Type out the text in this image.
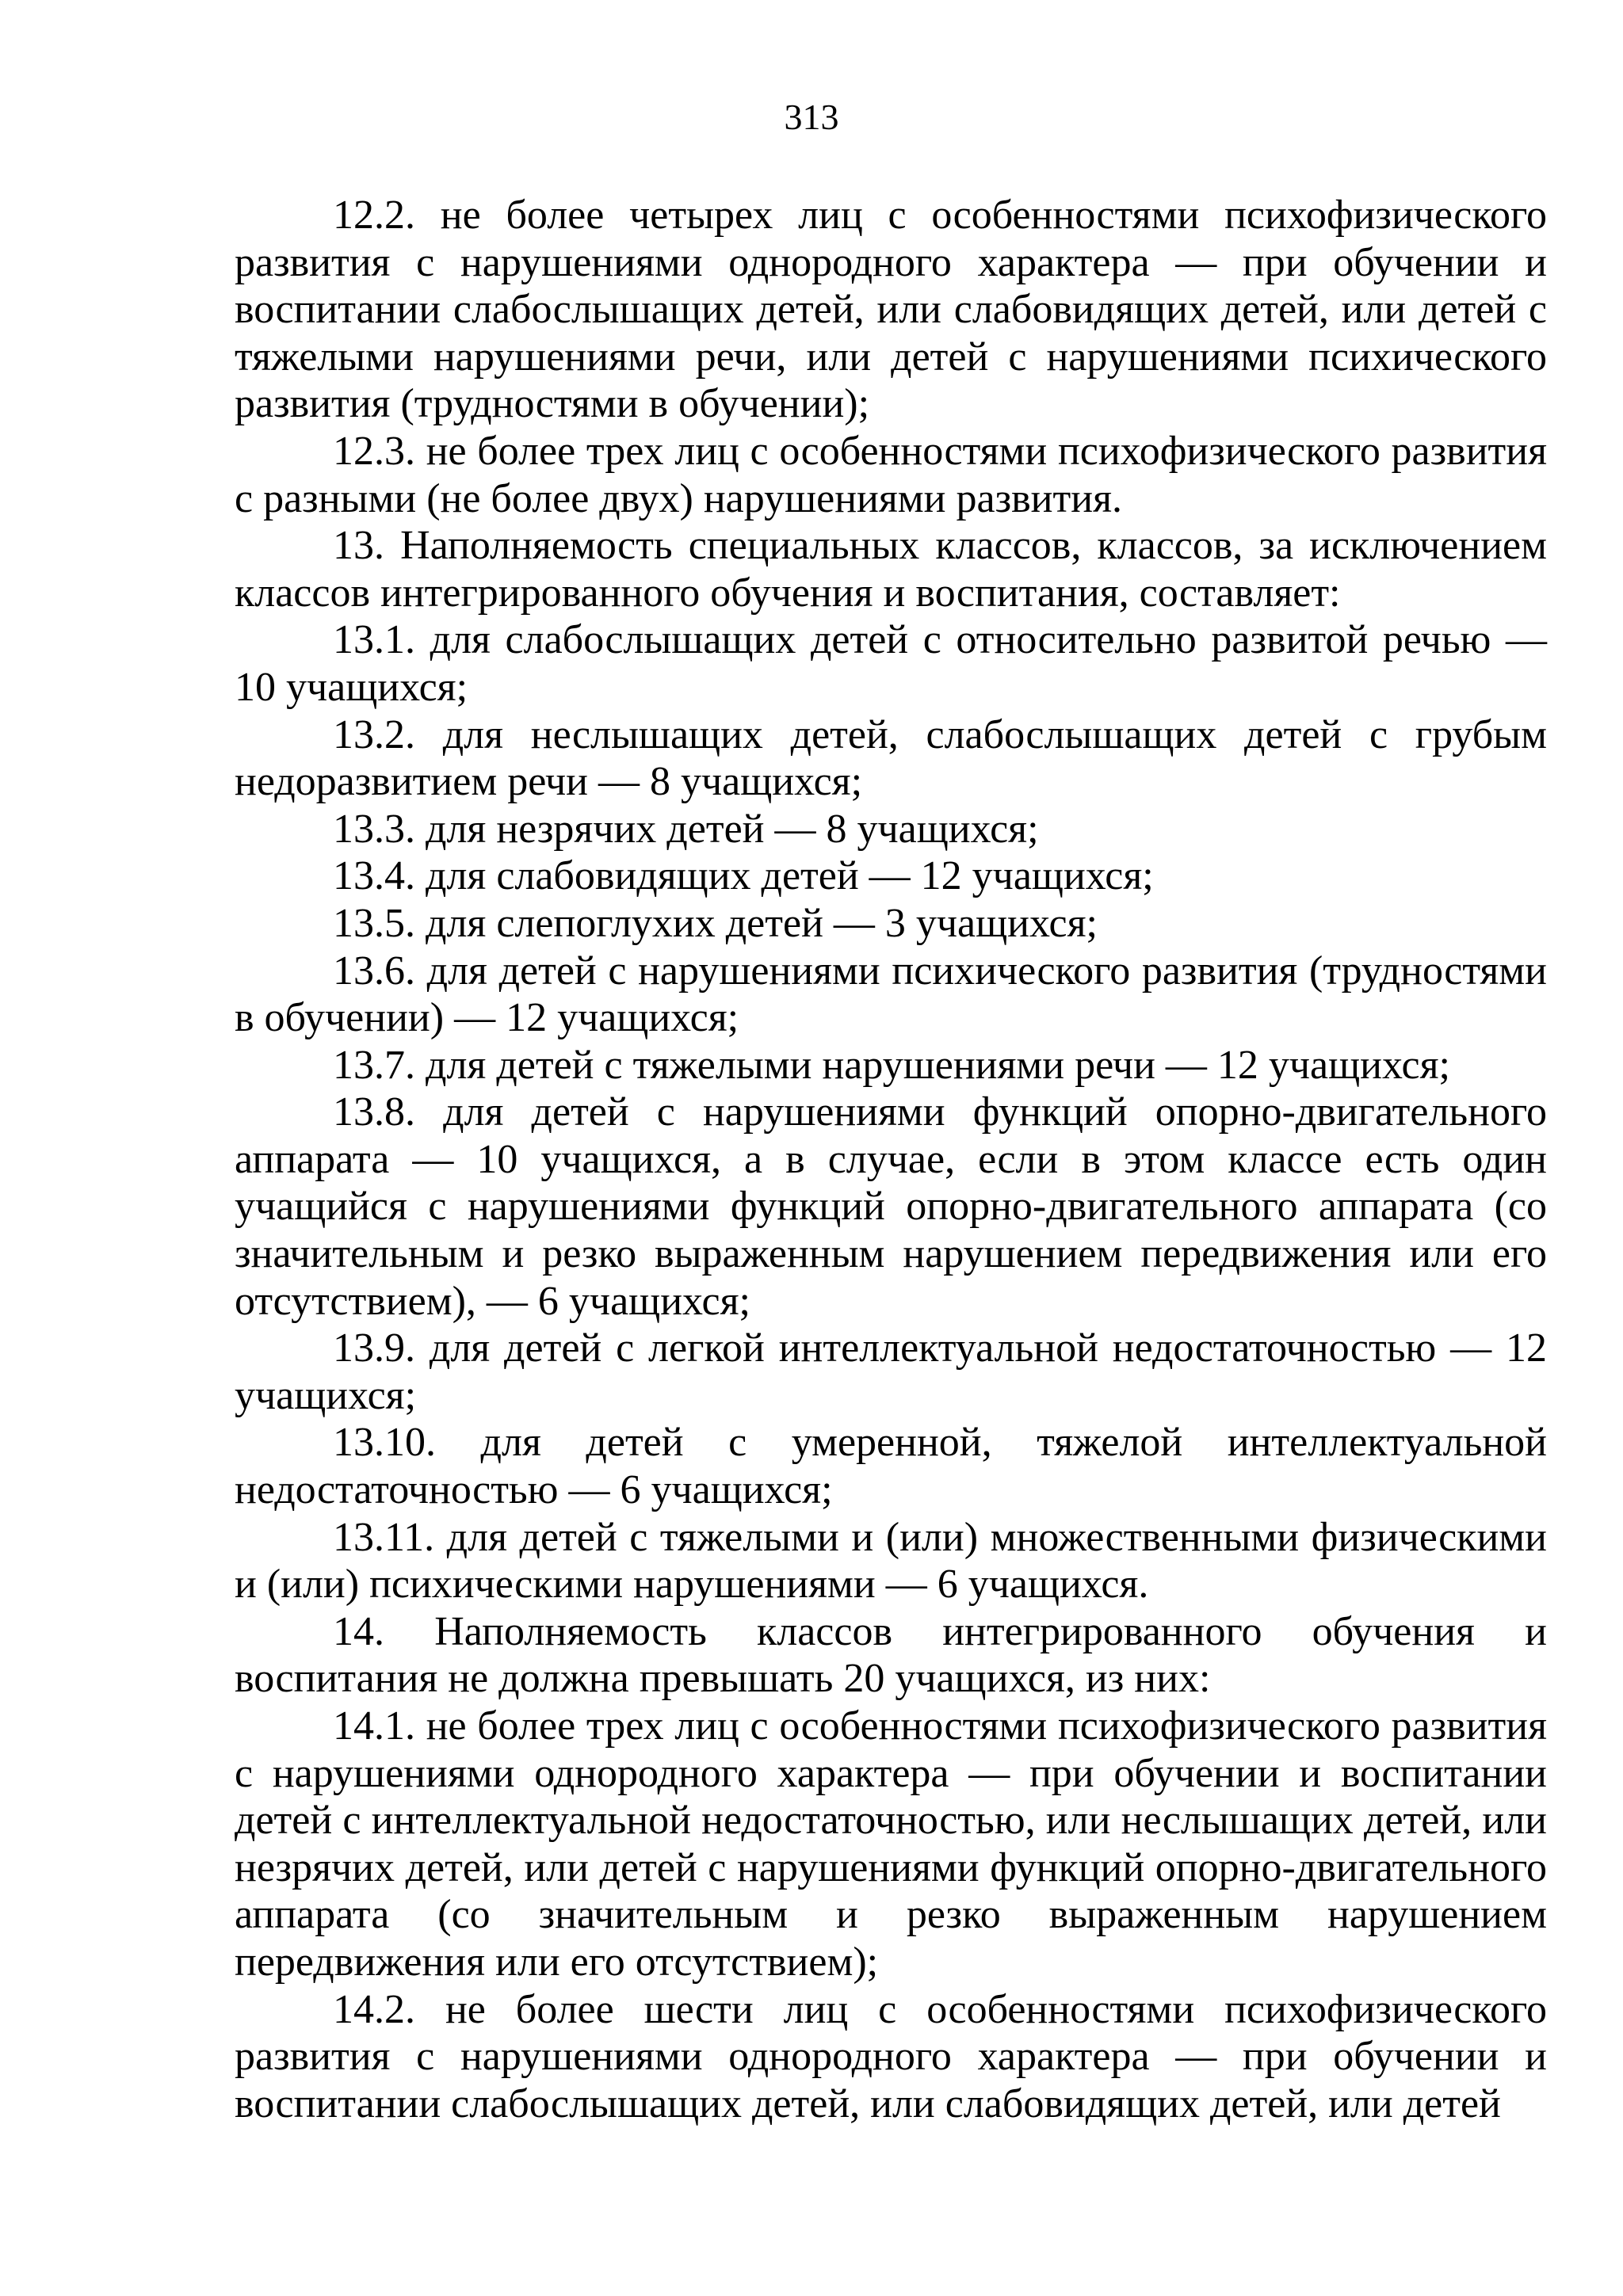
313

12.2. не более четырех лиц с особенностями психофизического развития с нарушениями однородного характера — при обучении и воспитании слабослышащих детей, или слабовидящих детей, или детей с тяжелыми нарушениями речи, или детей с нарушениями психического развития (трудностями в обучении);

12.3. не более трех лиц с особенностями психофизического развития с разными (не более двух) нарушениями развития.

13. Наполняемость специальных классов, классов, за исключением классов интегрированного обучения и воспитания, составляет:

13.1. для слабослышащих детей с относительно развитой речью — 10 учащихся;

13.2. для неслышащих детей, слабослышащих детей с грубым недоразвитием речи — 8 учащихся;

13.3. для незрячих детей — 8 учащихся;

13.4. для слабовидящих детей — 12 учащихся;

13.5. для слепоглухих детей — 3 учащихся;

13.6. для детей с нарушениями психического развития (трудностями в обучении) — 12 учащихся;

13.7. для детей с тяжелыми нарушениями речи — 12 учащихся;

13.8. для детей с нарушениями функций опорно-двигательного аппарата — 10 учащихся, а в случае, если в этом классе есть один учащийся с нарушениями функций опорно-двигательного аппарата (со значительным и резко выраженным нарушением передвижения или его отсутствием), — 6 учащихся;

13.9. для детей с легкой интеллектуальной недостаточностью — 12 учащихся;

13.10. для детей с умеренной, тяжелой интеллектуальной недостаточностью — 6 учащихся;

13.11. для детей с тяжелыми и (или) множественными физическими и (или) психическими нарушениями — 6 учащихся.

14. Наполняемость классов интегрированного обучения и воспитания не должна превышать 20 учащихся, из них:

14.1. не более трех лиц с особенностями психофизического развития с нарушениями однородного характера — при обучении и воспитании детей с интеллектуальной недостаточностью, или неслышащих детей, или незрячих детей, или детей с нарушениями функций опорно-двигательного аппарата (со значительным и резко выраженным нарушением передвижения или его отсутствием);

14.2. не более шести лиц с особенностями психофизического развития с нарушениями однородного характера — при обучении и воспитании слабослышащих детей, или слабовидящих детей, или детей
